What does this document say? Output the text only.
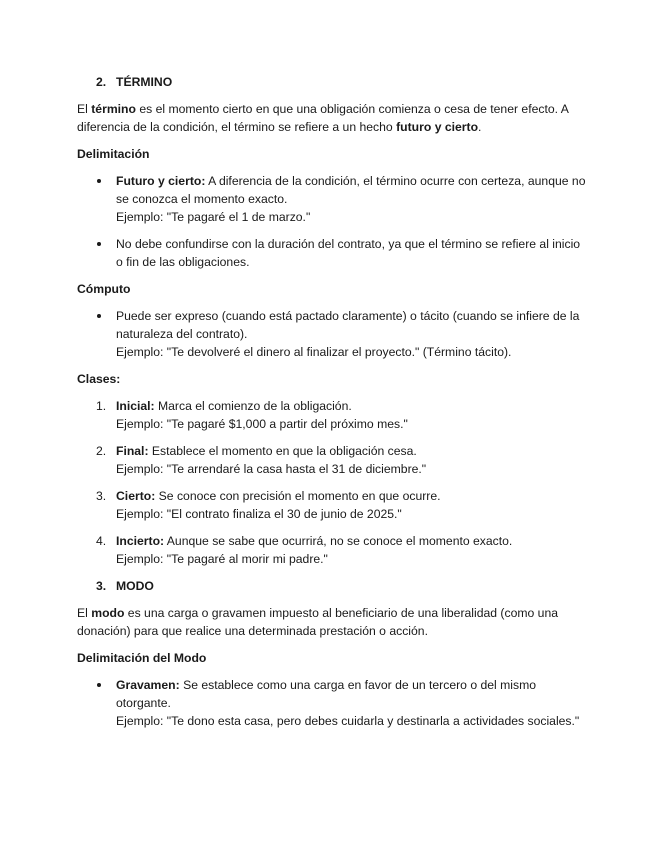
2. TÉRMINO

El término es el momento cierto en que una obligación comienza o cesa de tener efecto. A diferencia de la condición, el término se refiere a un hecho futuro y cierto.

Delimitación
Futuro y cierto: A diferencia de la condición, el término ocurre con certeza, aunque no se conozca el momento exacto.
Ejemplo: "Te pagaré el 1 de marzo."
No debe confundirse con la duración del contrato, ya que el término se refiere al inicio o fin de las obligaciones.
Cómputo
Puede ser expreso (cuando está pactado claramente) o tácito (cuando se infiere de la naturaleza del contrato).
Ejemplo: "Te devolveré el dinero al finalizar el proyecto." (Término tácito).
Clases:
1. Inicial: Marca el comienzo de la obligación.
Ejemplo: "Te pagaré $1,000 a partir del próximo mes."
2. Final: Establece el momento en que la obligación cesa.
Ejemplo: "Te arrendaré la casa hasta el 31 de diciembre."
3. Cierto: Se conoce con precisión el momento en que ocurre.
Ejemplo: "El contrato finaliza el 30 de junio de 2025."
4. Incierto: Aunque se sabe que ocurrirá, no se conoce el momento exacto.
Ejemplo: "Te pagaré al morir mi padre."
3. MODO

El modo es una carga o gravamen impuesto al beneficiario de una liberalidad (como una donación) para que realice una determinada prestación o acción.

Delimitación del Modo
Gravamen: Se establece como una carga en favor de un tercero o del mismo otorgante.
Ejemplo: "Te dono esta casa, pero debes cuidarla y destinarla a actividades sociales."
